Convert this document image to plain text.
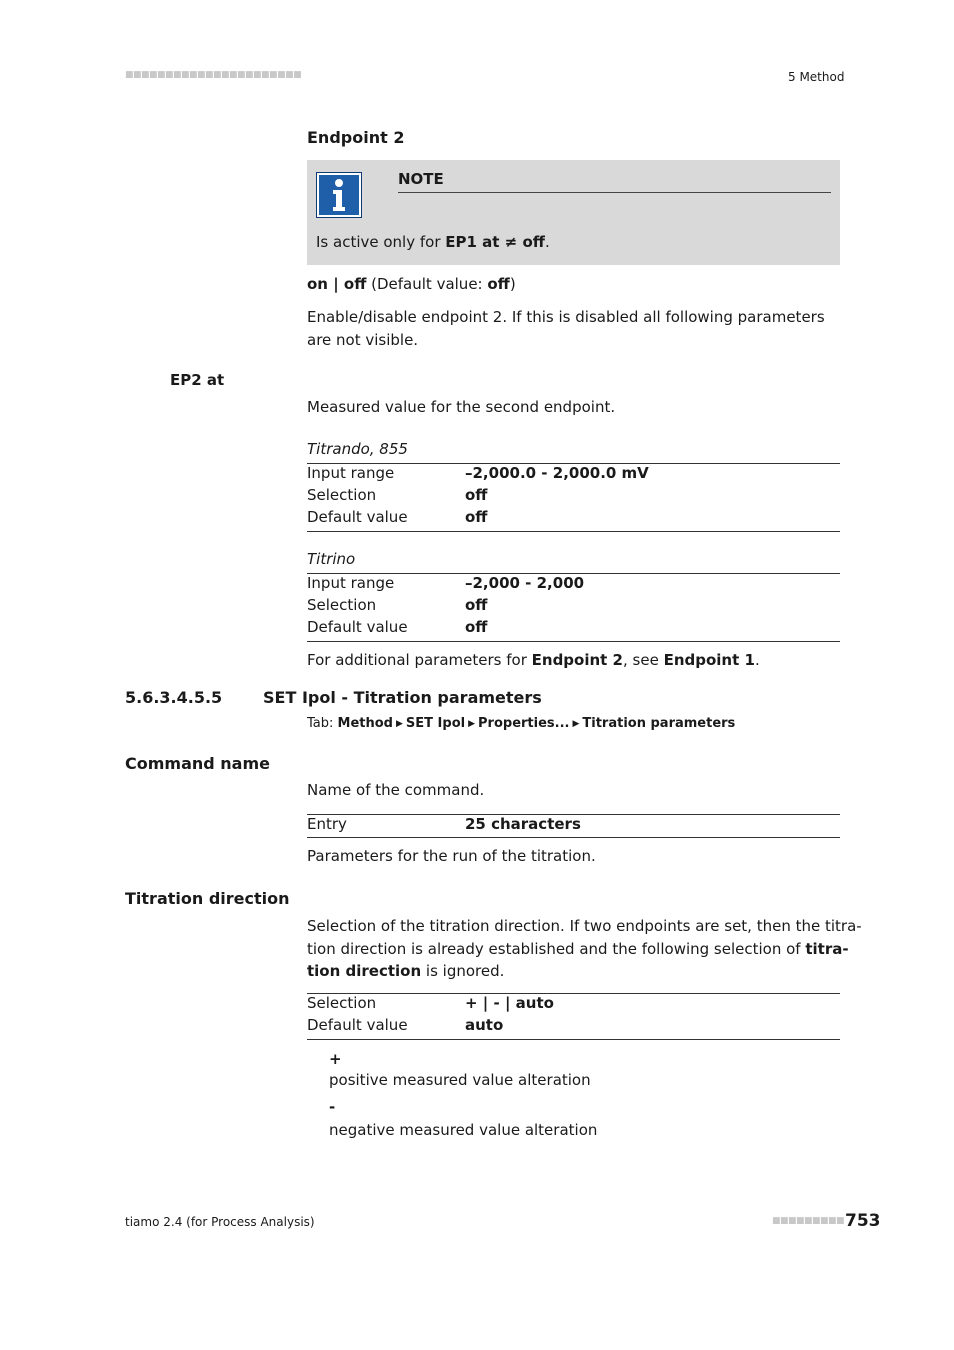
■■■■■■■■■■■■■■■■■■■■■■	5 Method
Endpoint 2
NOTE
Is active only for EP1 at ≠ off.
on | off (Default value: off)
Enable/disable endpoint 2. If this is disabled all following parameters are not visible.
EP2 at
Measured value for the second endpoint.
Titrando, 855
Input range	–2,000.0 - 2,000.0 mV
Selection	off
Default value	off
Titrino
Input range	–2,000 - 2,000
Selection	off
Default value	off
For additional parameters for Endpoint 2, see Endpoint 1.
5.6.3.4.5.5	SET Ipol - Titration parameters
Tab: Method ▶ SET Ipol ▶ Properties... ▶ Titration parameters
Command name
Name of the command.
Entry	25 characters
Parameters for the run of the titration.
Titration direction
Selection of the titration direction. If two endpoints are set, then the titra-
tion direction is already established and the following selection of titra-
tion direction is ignored.
Selection	+ | - | auto
Default value	auto
+
positive measured value alteration
-
negative measured value alteration
tiamo 2.4 (for Process Analysis)	■■■■■■■■■ 753
